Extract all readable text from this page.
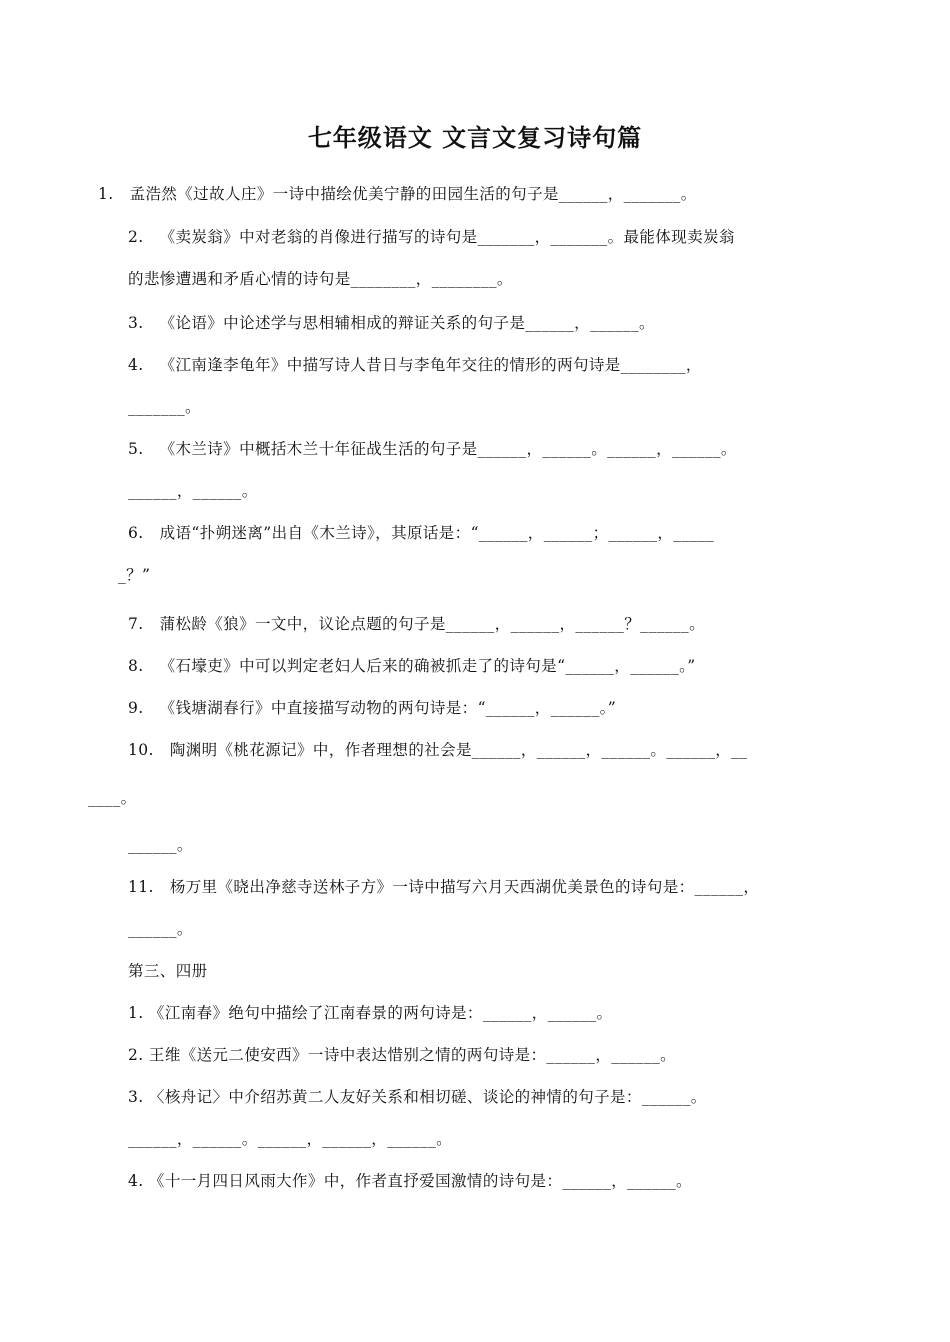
七年级语文 文言文复习诗句篇
1.   孟浩然《过故人庄》一诗中描绘优美宁静的田园生活的句子是______，_______。
2.   《卖炭翁》中对老翁的肖像进行描写的诗句是_______，_______。最能体现卖炭翁
的悲惨遭遇和矛盾心情的诗句是________，________。
3.   《论语》中论述学与思相辅相成的辩证关系的句子是______，______。
4.   《江南逢李龟年》中描写诗人昔日与李龟年交往的情形的两句诗是________，
_______。
5.   《木兰诗》中概括木兰十年征战生活的句子是______，______。______，______。
______，______。
6.   成语“扑朔迷离”出自《木兰诗》，其原话是：“______，______；______，_____
_？”
7.   蒲松龄《狼》一文中，议论点题的句子是______，______，______？______。
8.   《石壕吏》中可以判定老妇人后来的确被抓走了的诗句是“______，______。”
9.   《钱塘湖春行》中直接描写动物的两句诗是：“______，______。”
10.   陶渊明《桃花源记》中，作者理想的社会是______，______，______。______，__
____。
______。
11.   杨万里《晓出净慈寺送林子方》一诗中描写六月天西湖优美景色的诗句是：______，
______。
第三、四册
1. 《江南春》绝句中描绘了江南春景的两句诗是：______，______。
2. 王维《送元二使安西》一诗中表达惜别之情的两句诗是：______，______。
3. 〈核舟记〉中介绍苏黄二人友好关系和相切磋、谈论的神情的句子是：______。
______，______。______，______，______。
4. 《十一月四日风雨大作》中，作者直抒爱国激情的诗句是：______，______。
